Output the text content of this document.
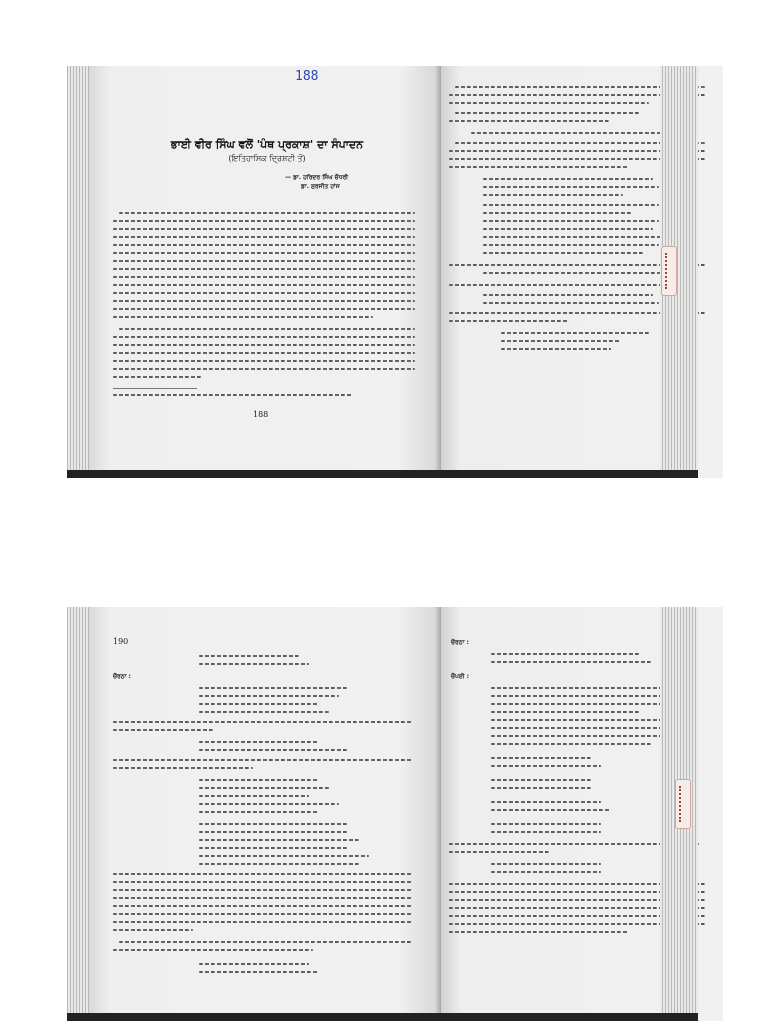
188
ਭਾਈ ਵੀਰ ਸਿੰਘ ਵਲੋਂ 'ਪੰਥ ਪ੍ਰਕਾਸ਼' ਦਾ ਸੰਪਾਦਨ
(ਇਤਿਹਾਸਿਕ ਦ੍ਰਿਸ਼ਟੀ ਤੋਂ)
— ਡਾ. ਹਰਿਦਰ ਸਿੰਘ ਚੌਧਰੀ
ਡਾ. ਸੁਰਜੀਤ ਹਾਂਸ
188
190
ਚੌਰਠਾ :
ਚੌਰਠਾ :
ਚੌਪਈ :
